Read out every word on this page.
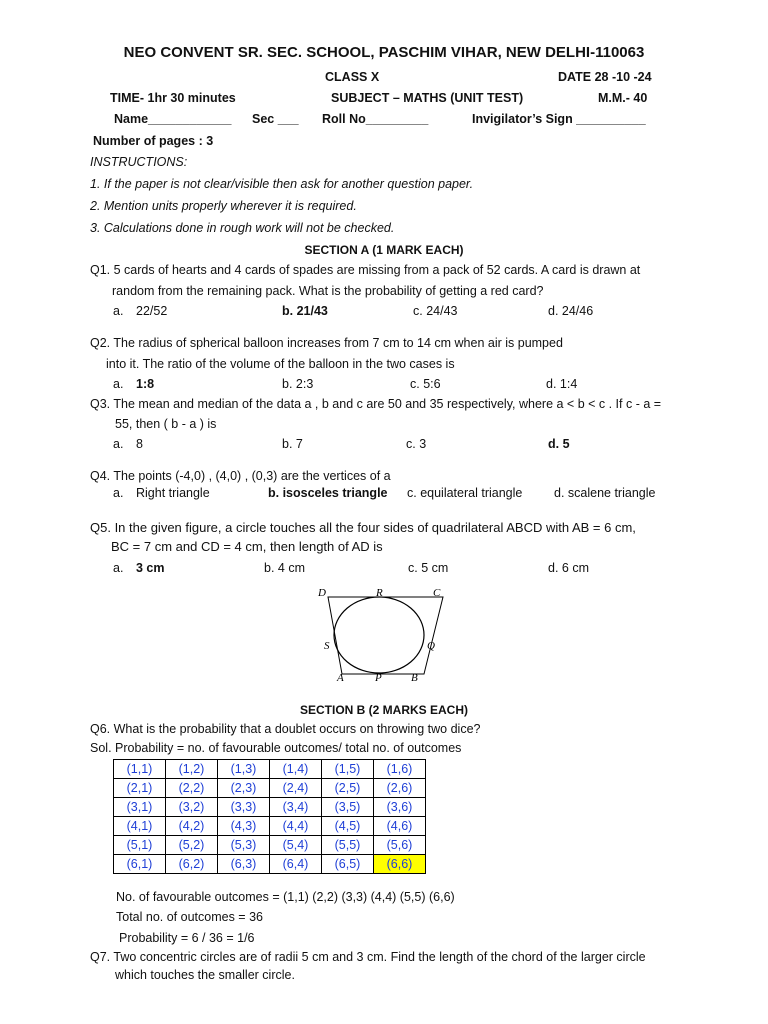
NEO CONVENT SR. SEC. SCHOOL, PASCHIM VIHAR, NEW DELHI-110063
CLASS X	DATE 28 -10 -24
TIME- 1hr 30 minutes	SUBJECT – MATHS (UNIT TEST)	M.M.- 40
Name____________ Sec ___ Roll No_________	Invigilator’s Sign __________
Number of pages : 3
INSTRUCTIONS:
1. If the paper is not clear/visible then ask for another question paper.
2. Mention units properly wherever it is required.
3. Calculations done in rough work will not be checked.
SECTION A (1 MARK EACH)
Q1. 5 cards of hearts and 4 cards of spades are missing from a pack of 52 cards. A card is drawn at
random from the remaining pack. What is the probability of getting a red card?
a. 22/52	b. 21/43	c. 24/43	d. 24/46
Q2. The radius of spherical balloon increases from 7 cm to 14 cm when air is pumped
into it. The ratio of the volume of the balloon in the two cases is
a. 1:8	b. 2:3	c. 5:6	d. 1:4
Q3. The mean and median of the data a , b and c are 50 and 35 respectively, where a < b < c . If c - a =
55, then ( b - a ) is
a. 8	b. 7	c. 3	d. 5
Q4. The points (-4,0) , (4,0) , (0,3) are the vertices of a
a. Right triangle	b. isosceles triangle c. equilateral triangle	d. scalene triangle
Q5. In the given figure, a circle touches all the four sides of quadrilateral ABCD with AB = 6 cm,
BC = 7 cm and CD = 4 cm, then length of AD is
a. 3 cm	b. 4 cm	c. 5 cm	d. 6 cm
D	R	C
S	Q
A	P	B
SECTION B (2 MARKS EACH)
Q6. What is the probability that a doublet occurs on throwing two dice?
Sol. Probability = no. of favourable outcomes/ total no. of outcomes
(1,1)	(1,2)	(1,3)	(1,4)	(1,5)	(1,6)
(2,1)	(2,2)	(2,3)	(2,4)	(2,5)	(2,6)
(3,1)	(3,2)	(3,3)	(3,4)	(3,5)	(3,6)
(4,1)	(4,2)	(4,3)	(4,4)	(4,5)	(4,6)
(5,1)	(5,2)	(5,3)	(5,4)	(5,5)	(5,6)
(6,1)	(6,2)	(6,3)	(6,4)	(6,5)	(6,6)
No. of favourable outcomes = (1,1) (2,2) (3,3) (4,4) (5,5) (6,6)
Total no. of outcomes = 36
Probability = 6 / 36 = 1/6
Q7. Two concentric circles are of radii 5 cm and 3 cm. Find the length of the chord of the larger circle
which touches the smaller circle.
